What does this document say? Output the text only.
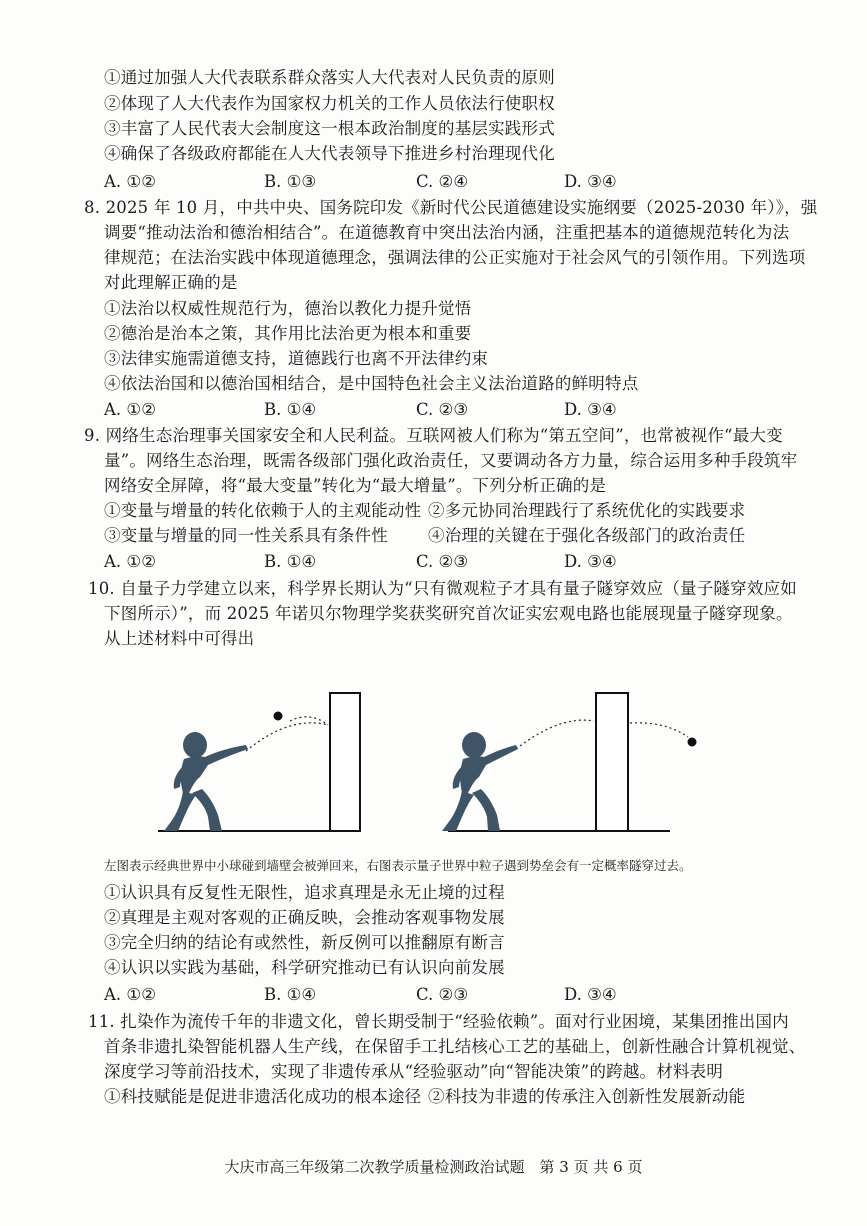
①通过加强人大代表联系群众落实人大代表对人民负责的原则
②体现了人大代表作为国家权力机关的工作人员依法行使职权
③丰富了人民代表大会制度这一根本政治制度的基层实践形式
④确保了各级政府都能在人大代表领导下推进乡村治理现代化
A. ①②	B. ①③	C. ②④	D. ③④
8. 2025 年 10 月，中共中央、国务院印发《新时代公民道德建设实施纲要（2025-2030 年）》，强
调要“推动法治和德治相结合”。在道德教育中突出法治内涵，注重把基本的道德规范转化为法
律规范；在法治实践中体现道德理念，强调法律的公正实施对于社会风气的引领作用。下列选项
对此理解正确的是
①法治以权威性规范行为，德治以教化力提升觉悟
②德治是治本之策，其作用比法治更为根本和重要
③法律实施需道德支持，道德践行也离不开法律约束
④依法治国和以德治国相结合，是中国特色社会主义法治道路的鲜明特点
A. ①②	B. ①④	C. ②③	D. ③④
9. 网络生态治理事关国家安全和人民利益。互联网被人们称为“第五空间”，也常被视作“最大变
量”。网络生态治理，既需各级部门强化政治责任，又要调动各方力量，综合运用多种手段筑牢
网络安全屏障，将“最大变量”转化为“最大增量”。下列分析正确的是
①变量与增量的转化依赖于人的主观能动性 ②多元协同治理践行了系统优化的实践要求
③变量与增量的同一性关系具有条件性 ④治理的关键在于强化各级部门的政治责任
A. ①②	B. ①④	C. ②③	D. ③④
10. 自量子力学建立以来，科学界长期认为“只有微观粒子才具有量子隧穿效应（量子隧穿效应如
下图所示）”，而 2025 年诺贝尔物理学奖获奖研究首次证实宏观电路也能展现量子隧穿现象。
从上述材料中可得出
左图表示经典世界中小球碰到墙壁会被弹回来，右图表示量子世界中粒子遇到势垒会有一定概率隧穿过去。
①认识具有反复性无限性，追求真理是永无止境的过程
②真理是主观对客观的正确反映，会推动客观事物发展
③完全归纳的结论有或然性，新反例可以推翻原有断言
④认识以实践为基础，科学研究推动已有认识向前发展
A. ①②	B. ①④	C. ②③	D. ③④
11. 扎染作为流传千年的非遗文化，曾长期受制于“经验依赖”。面对行业困境，某集团推出国内
首条非遗扎染智能机器人生产线，在保留手工扎结核心工艺的基础上，创新性融合计算机视觉、
深度学习等前沿技术，实现了非遗传承从“经验驱动”向“智能决策”的跨越。材料表明
①科技赋能是促进非遗活化成功的根本途径 ②科技为非遗的传承注入创新性发展新动能
大庆市高三年级第二次教学质量检测政治试题　第 3 页 共 6 页
